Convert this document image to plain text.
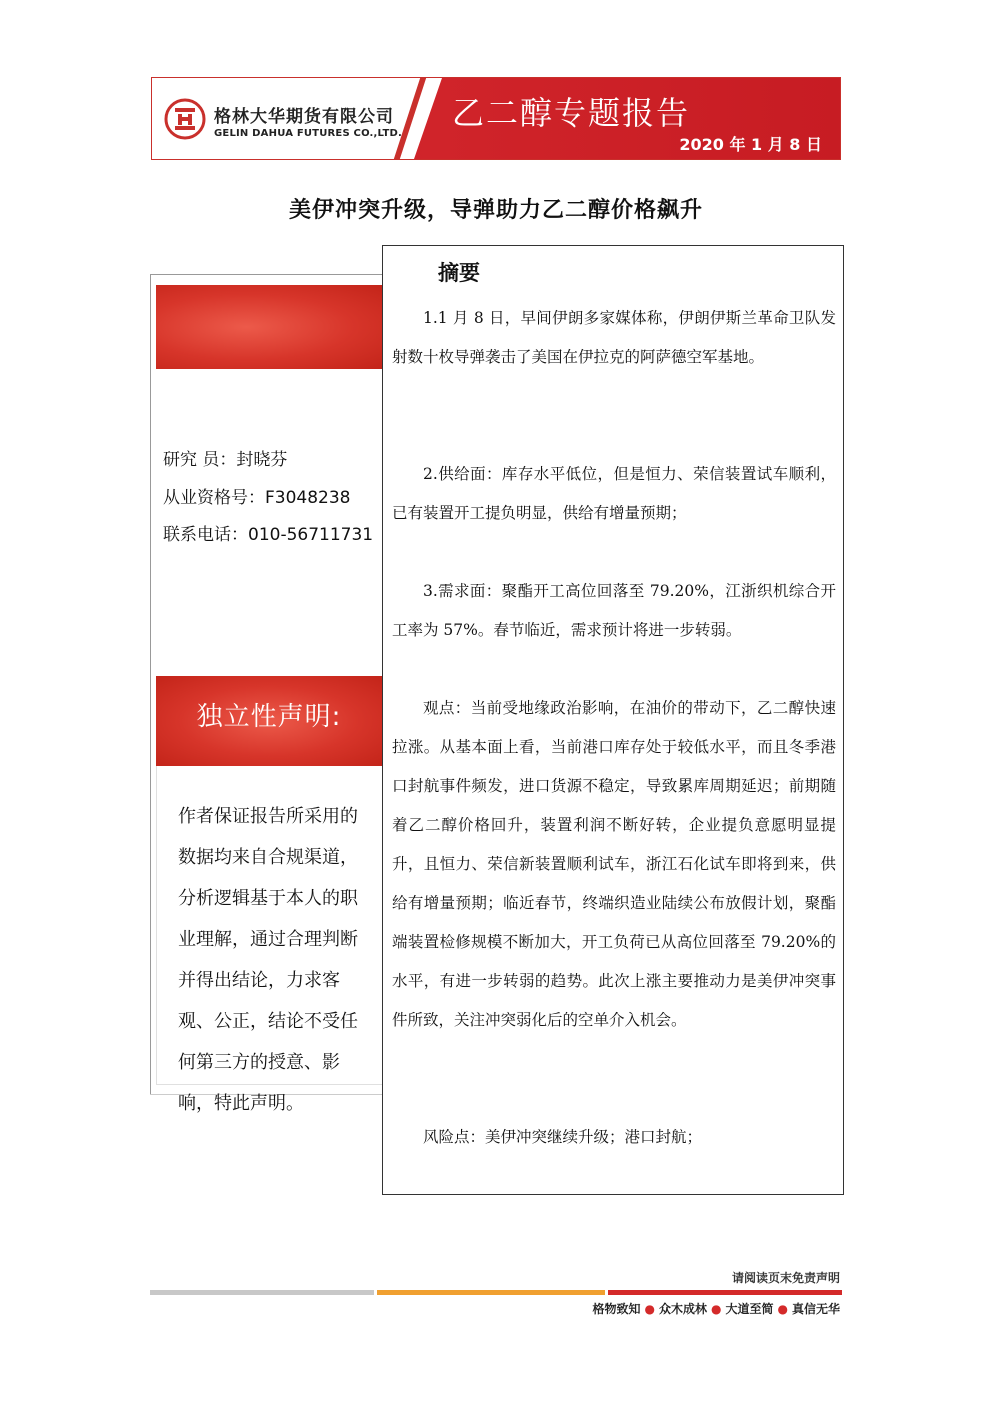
格林大华期货有限公司
GELIN DAHUA FUTURES CO.,LTD.
乙二醇专题报告
2020 年 1 月 8 日
美伊冲突升级，导弹助力乙二醇价格飙升
研究 员：封晓芬
从业资格号：F3048238
联系电话：010-56711731
独立性声明:
作者保证报告所采用的数据均来自合规渠道，分析逻辑基于本人的职业理解，通过合理判断并得出结论，力求客观、公正，结论不受任何第三方的授意、影响，特此声明。
摘要
1.1 月 8 日，早间伊朗多家媒体称，伊朗伊斯兰革命卫队发射数十枚导弹袭击了美国在伊拉克的阿萨德空军基地。
2.供给面：库存水平低位，但是恒力、荣信装置试车顺利，已有装置开工提负明显，供给有增量预期；
3.需求面：聚酯开工高位回落至 79.20%，江浙织机综合开工率为 57%。春节临近，需求预计将进一步转弱。
观点：当前受地缘政治影响，在油价的带动下，乙二醇快速拉涨。从基本面上看，当前港口库存处于较低水平，而且冬季港口封航事件频发，进口货源不稳定，导致累库周期延迟；前期随着乙二醇价格回升，装置利润不断好转，企业提负意愿明显提升，且恒力、荣信新装置顺利试车，浙江石化试车即将到来，供给有增量预期；临近春节，终端织造业陆续公布放假计划，聚酯端装置检修规模不断加大，开工负荷已从高位回落至 79.20%的水平，有进一步转弱的趋势。此次上涨主要推动力是美伊冲突事件所致，关注冲突弱化后的空单介入机会。
风险点：美伊冲突继续升级；港口封航；
请阅读页末免责声明
格物致知 ● 众木成林 ● 大道至简 ● 真信无华
